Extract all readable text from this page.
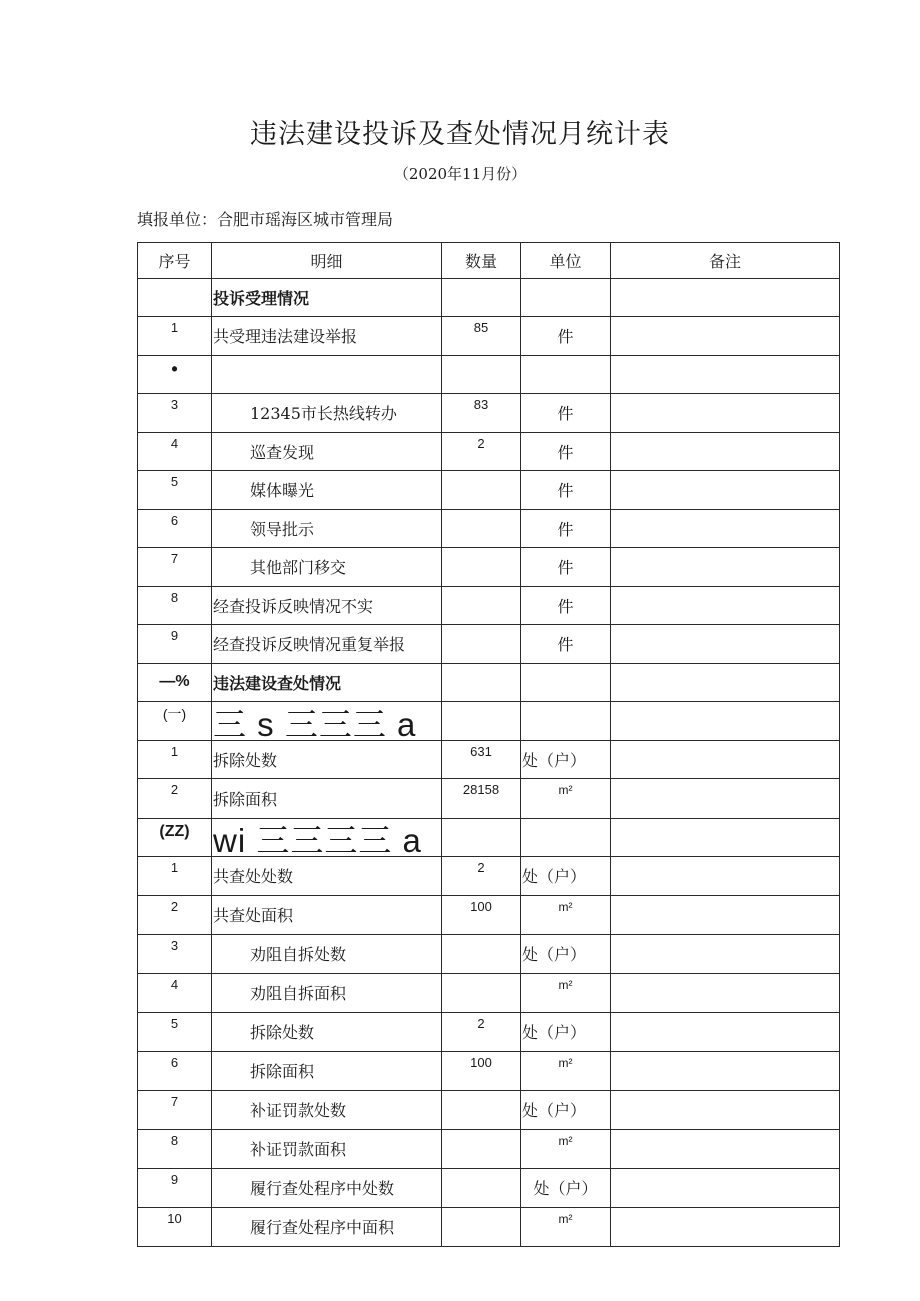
违法建设投诉及查处情况月统计表
（2020年11月份）
填报单位：合肥市瑶海区城市管理局
序号	明细	数量	单位	备注
	投诉受理情况			
1	共受理违法建设举报	85	件	
•				
3	12345市长热线转办	83	件	
4	巡查发现	2	件	
5	媒体曝光		件	
6	领导批示		件	
7	其他部门移交		件	
8	经查投诉反映情况不实		件	
9	经查投诉反映情况重复举报		件	
—%	违法建设查处情况			
(一)	三 s 三三三 a			
1	拆除处数	631	处（户）	
2	拆除面积	28158	m²	
(ZZ)	wi 三三三三 a			
1	共查处处数	2	处（户）	
2	共查处面积	100	m²	
3	劝阻自拆处数		处（户）	
4	劝阻自拆面积		m²	
5	拆除处数	2	处（户）	
6	拆除面积	100	m²	
7	补证罚款处数		处（户）	
8	补证罚款面积		m²	
9	履行查处程序中处数		处（户）	
10	履行查处程序中面积		m²	
